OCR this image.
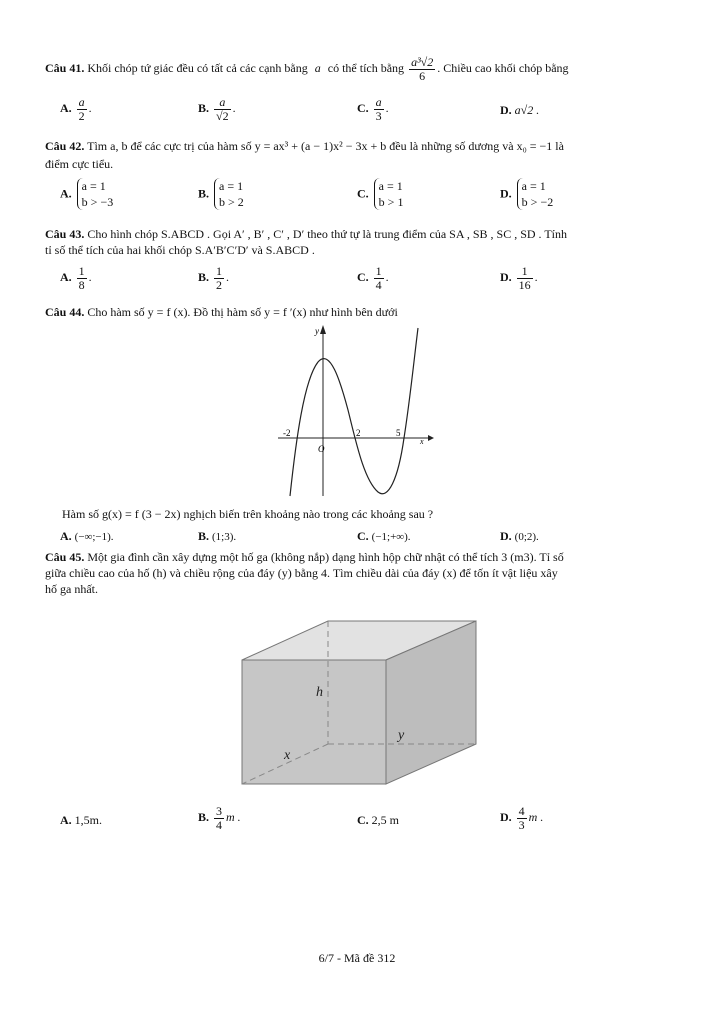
Câu 41. Khối chóp tứ giác đều có tất cả các cạnh bằng a có thể tích bằng $\frac{\text{a³√2}}{6}$ . Chiều cao khối chóp bằng
A. $\frac{a}{2}$ .	B. $\frac{a}{√2}$ .	C. $\frac{a}{3}$ .	D. a√2 .
Câu 42. Tìm a, b để các cực trị của hàm số y = ax³ + (a − 1)x² − 3x + b đều là những số dương và x₀ = −1 là
điểm cực tiểu.
A. a = 1
b > −3
B. a = 1
b > 2
C. a = 1
b > 1
D. a = 1
b > −2
Câu 43. Cho hình chóp S.ABCD . Gọi A′ , B′ , C′ , D′ theo thứ tự là trung điểm của SA , SB , SC , SD . Tính
tỉ số thể tích của hai khối chóp S.A′B′C′D′ và S.ABCD .
A. $\frac{1}{8}$ .	B. $\frac{1}{2}$ .	C. $\frac{1}{4}$ .	D. $\frac{1}{16}$ .
Câu 44. Cho hàm số y = f (x). Đồ thị hàm số y = f ′(x) như hình bên dưới
y
x
O
-2	2	5
Hàm số g(x) = f (3 − 2x) nghịch biến trên khoảng nào trong các khoảng sau ?
A. (−∞;−1).	B. (1;3).	C. (−1;+∞).	D. (0;2).
Câu 45. Một gia đình cần xây dựng một hố ga (không nắp) dạng hình hộp chữ nhật có thể tích 3 (m3). Tỉ số
giữa chiều cao của hố (h) và chiều rộng của đáy (y) bằng 4. Tìm chiều dài của đáy (x) để tốn ít vật liệu xây
hố ga nhất.
h
y
x
A. 1,5m.	B. $\frac{3}{4}$ m .	C. 2,5 m	D. $\frac{4}{3}$ m .
6/7 - Mã đề 312
